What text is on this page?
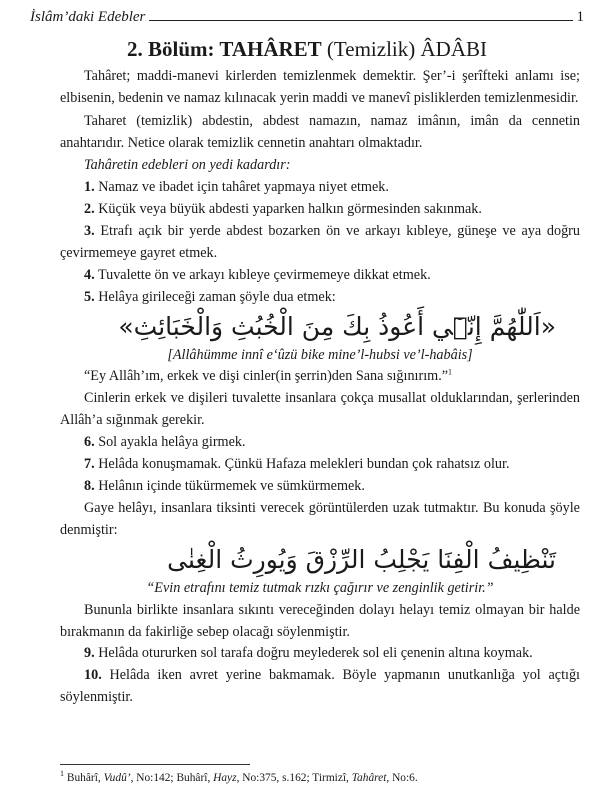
İslâm’daki Edebler	1
2. Bölüm: TAHÂRET (Temizlik) ÂDÂBI

Tahâret; maddi-manevi kirlerden temizlenmek demektir. Şer’-i şerîfteki anlamı ise; elbisenin, bedenin ve namaz kılınacak yerin maddi ve manevî pisliklerden temizlenmesidir.

Taharet (temizlik) abdestin, abdest namazın, namaz imânın, imân da cennetin anahtarıdır. Netice olarak temizlik cennetin anahtarı olmaktadır.

Tahâretin edebleri on yedi kadardır:

1. Namaz ve ibadet için tahâret yapmaya niyet etmek.

2. Küçük veya büyük abdesti yaparken halkın görmesinden sakınmak.

3. Etrafı açık bir yerde abdest bozarken ön ve arkayı kıbleye, güneşe ve aya doğru çevirmemeye gayret etmek.

4. Tuvalette ön ve arkayı kıbleye çevirmemeye dikkat etmek.

5. Helâya girileceği zaman şöyle dua etmek:

«اَللّٰهُمَّ إِنّ۪ٓي أَعُوذُ بِكَ مِنَ الْخُبُثِ وَالْخَبَائِثِ»

[Allâhümme innî e‘ûzü bike mine’l-hubsi ve’l-habâis]

“Ey Allâh’ım, erkek ve dişi cinler(in şerrin)den Sana sığınırım.”$^1$

Cinlerin erkek ve dişileri tuvalette insanlara çokça musallat olduklarından, şerlerinden Allâh’a sığınmak gerekir.

6. Sol ayakla helâya girmek.

7. Helâda konuşmamak. Çünkü Hafaza melekleri bundan çok rahatsız olur.

8. Helânın içinde tükürmemek ve sümkürmemek.

Gaye helâyı, insanlara tiksinti verecek görüntülerden uzak tutmaktır. Bu konuda şöyle denmiştir:

تَنْظِيفُ الْفِنَا يَجْلِبُ الرِّزْقَ وَيُورِثُ الْغِنٰى

“Evin etrafını temiz tutmak rızkı çağırır ve zenginlik getirir.”

Bununla birlikte insanlara sıkıntı vereceğinden dolayı helayı temiz olmayan bir halde bırakmanın da fakirliğe sebep olacağı söylenmiştir.

9. Helâda otururken sol tarafa doğru meylederek sol eli çenenin altına koymak.

10. Helâda iken avret yerine bakmamak. Böyle yapmanın unutkanlığa yol açtığı söylenmiştir.

$^1$ Buhârî, Vudû’, No:142; Buhârî, Hayz, No:375, s.162; Tirmizî, Tahâret, No:6.
